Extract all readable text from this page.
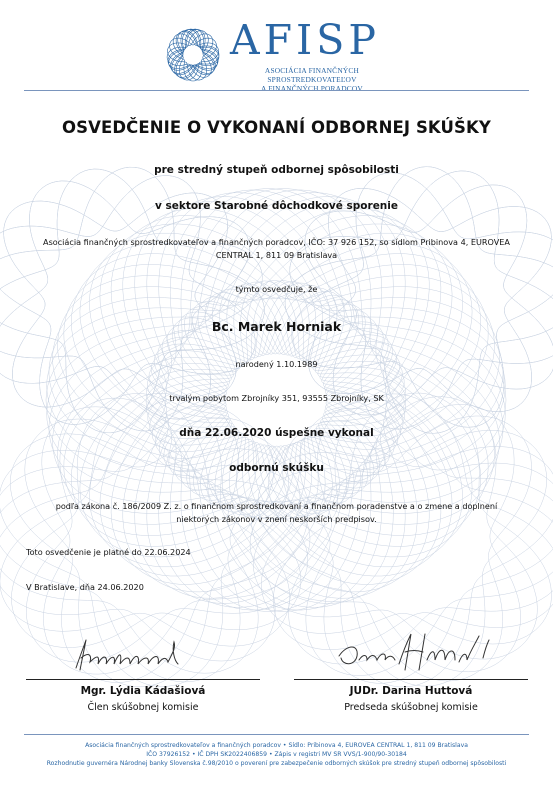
AFISP
ASOCIÁCIA FINANČNÝCH SPROSTREDKOVATEĽOV
A FINANČNÝCH PORADCOV
OSVEDČENIE O VYKONANÍ ODBORNEJ SKÚŠKY
pre stredný stupeň odbornej spôsobilosti
v sektore Starobné dôchodkové sporenie
Asociácia finančných sprostredkovateľov a finančných poradcov, IČO: 37 926 152, so sídlom Pribinova 4, EUROVEA
CENTRAL 1, 811 09 Bratislava
týmto osvedčuje, že
Bc. Marek Horniak
narodený 1.10.1989
trvalým pobytom Zbrojníky 351, 93555 Zbrojníky, SK
dňa 22.06.2020 úspešne vykonal
odbornú skúšku
podľa zákona č. 186/2009 Z. z. o finančnom sprostredkovaní a finančnom poradenstve a o zmene a doplnení
niektorých zákonov v znení neskorších predpisov.
Toto osvedčenie je platné do 22.06.2024
V Bratislave, dňa 24.06.2020
Mgr. Lýdia Kádašiová
Člen skúšobnej komisie
JUDr. Darina Huttová
Predseda skúšobnej komisie
Asociácia finančných sprostredkovateľov a finančných poradcov • Sídlo: Pribinova 4, EUROVEA CENTRAL 1, 811 09 Bratislava
IČO 37926152 • IČ DPH SK2022406859 • Zápis v registri MV SR VVS/1-900/90-30184
Rozhodnutie guvernéra Národnej banky Slovenska č.98/2010 o poverení pre zabezpečenie odborných skúšok pre stredný stupeň odbornej spôsobilosti
